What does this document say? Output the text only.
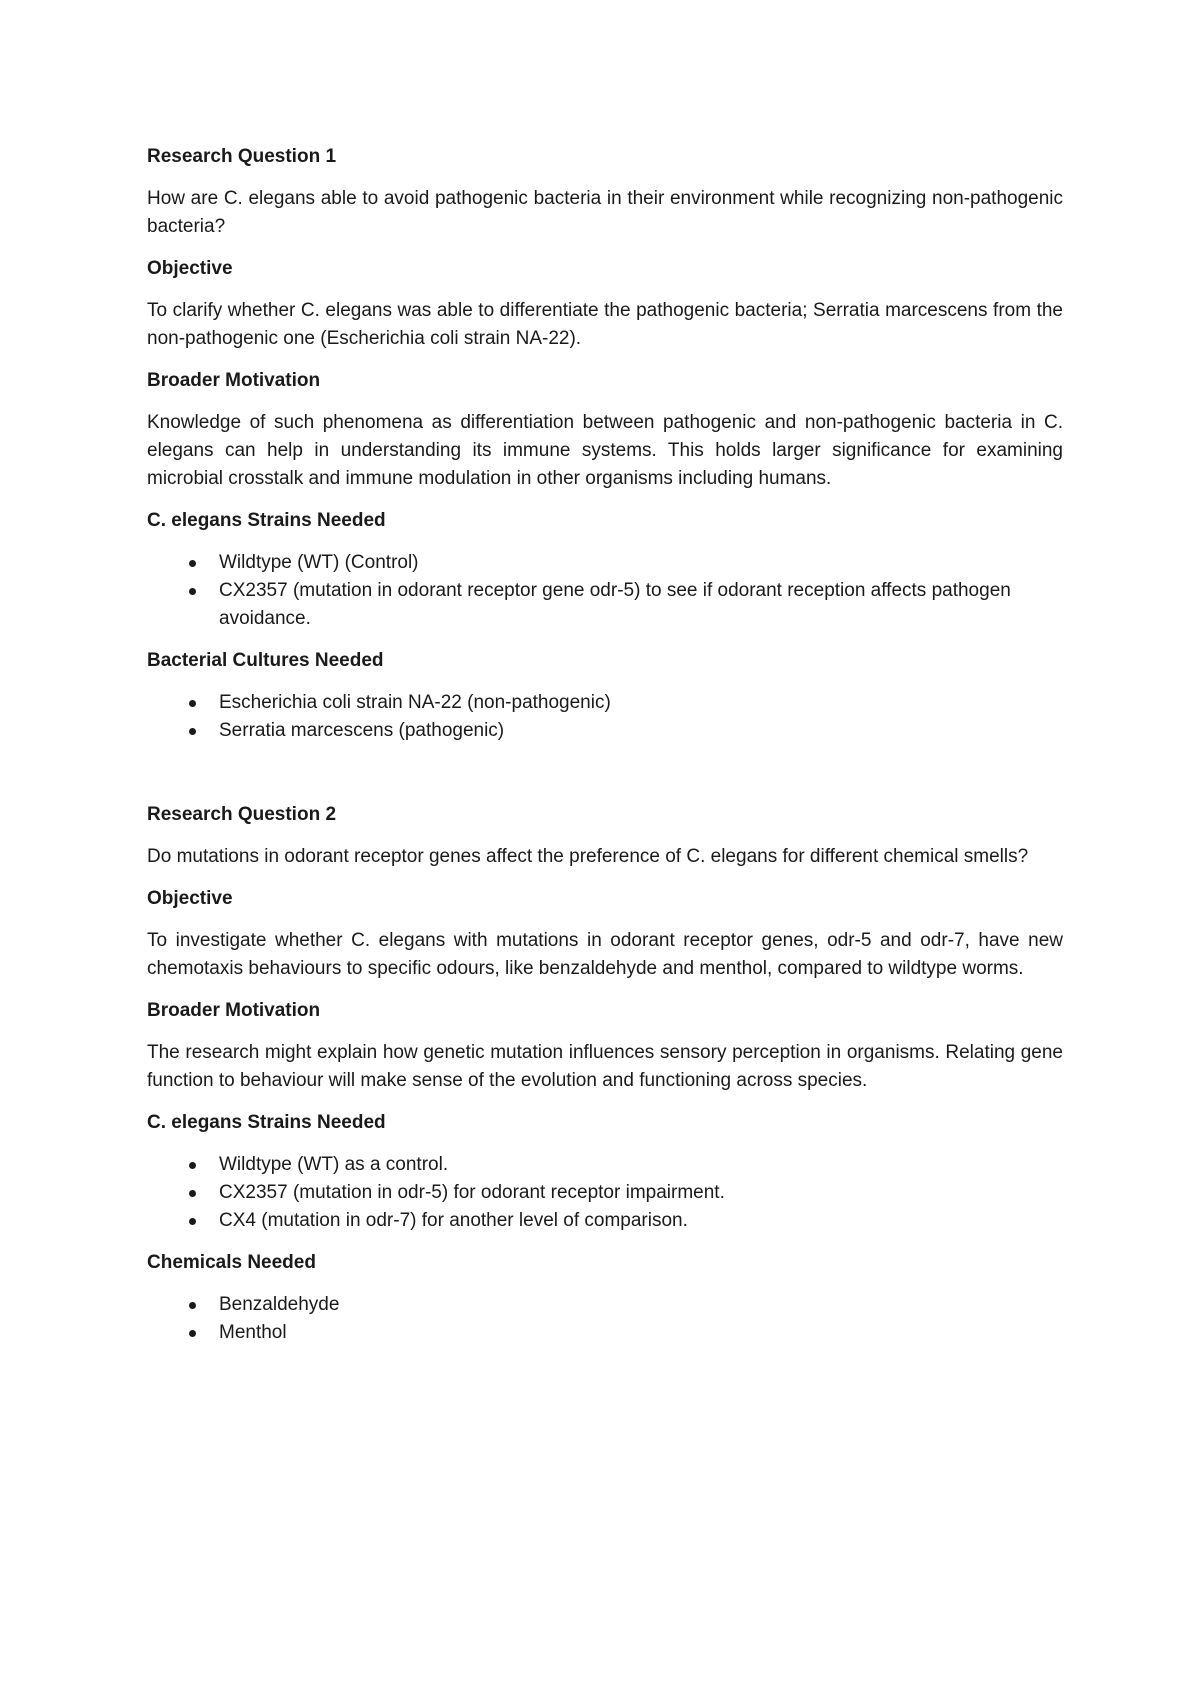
Research Question 1

How are C. elegans able to avoid pathogenic bacteria in their environment while recognizing non-pathogenic bacteria?

Objective

To clarify whether C. elegans was able to differentiate the pathogenic bacteria; Serratia marcescens from the non-pathogenic one (Escherichia coli strain NA-22).

Broader Motivation

Knowledge of such phenomena as differentiation between pathogenic and non-pathogenic bacteria in C. elegans can help in understanding its immune systems. This holds larger significance for examining microbial crosstalk and immune modulation in other organisms including humans.

C. elegans Strains Needed
Wildtype (WT) (Control)
CX2357 (mutation in odorant receptor gene odr-5) to see if odorant reception affects pathogen avoidance.
Bacterial Cultures Needed
Escherichia coli strain NA-22 (non-pathogenic)
Serratia marcescens (pathogenic)
Research Question 2

Do mutations in odorant receptor genes affect the preference of C. elegans for different chemical smells?

Objective

To investigate whether C. elegans with mutations in odorant receptor genes, odr-5 and odr-7, have new chemotaxis behaviours to specific odours, like benzaldehyde and menthol, compared to wildtype worms.

Broader Motivation

The research might explain how genetic mutation influences sensory perception in organisms. Relating gene function to behaviour will make sense of the evolution and functioning across species.

C. elegans Strains Needed
Wildtype (WT) as a control.
CX2357 (mutation in odr-5) for odorant receptor impairment.
CX4 (mutation in odr-7) for another level of comparison.
Chemicals Needed
Benzaldehyde
Menthol
